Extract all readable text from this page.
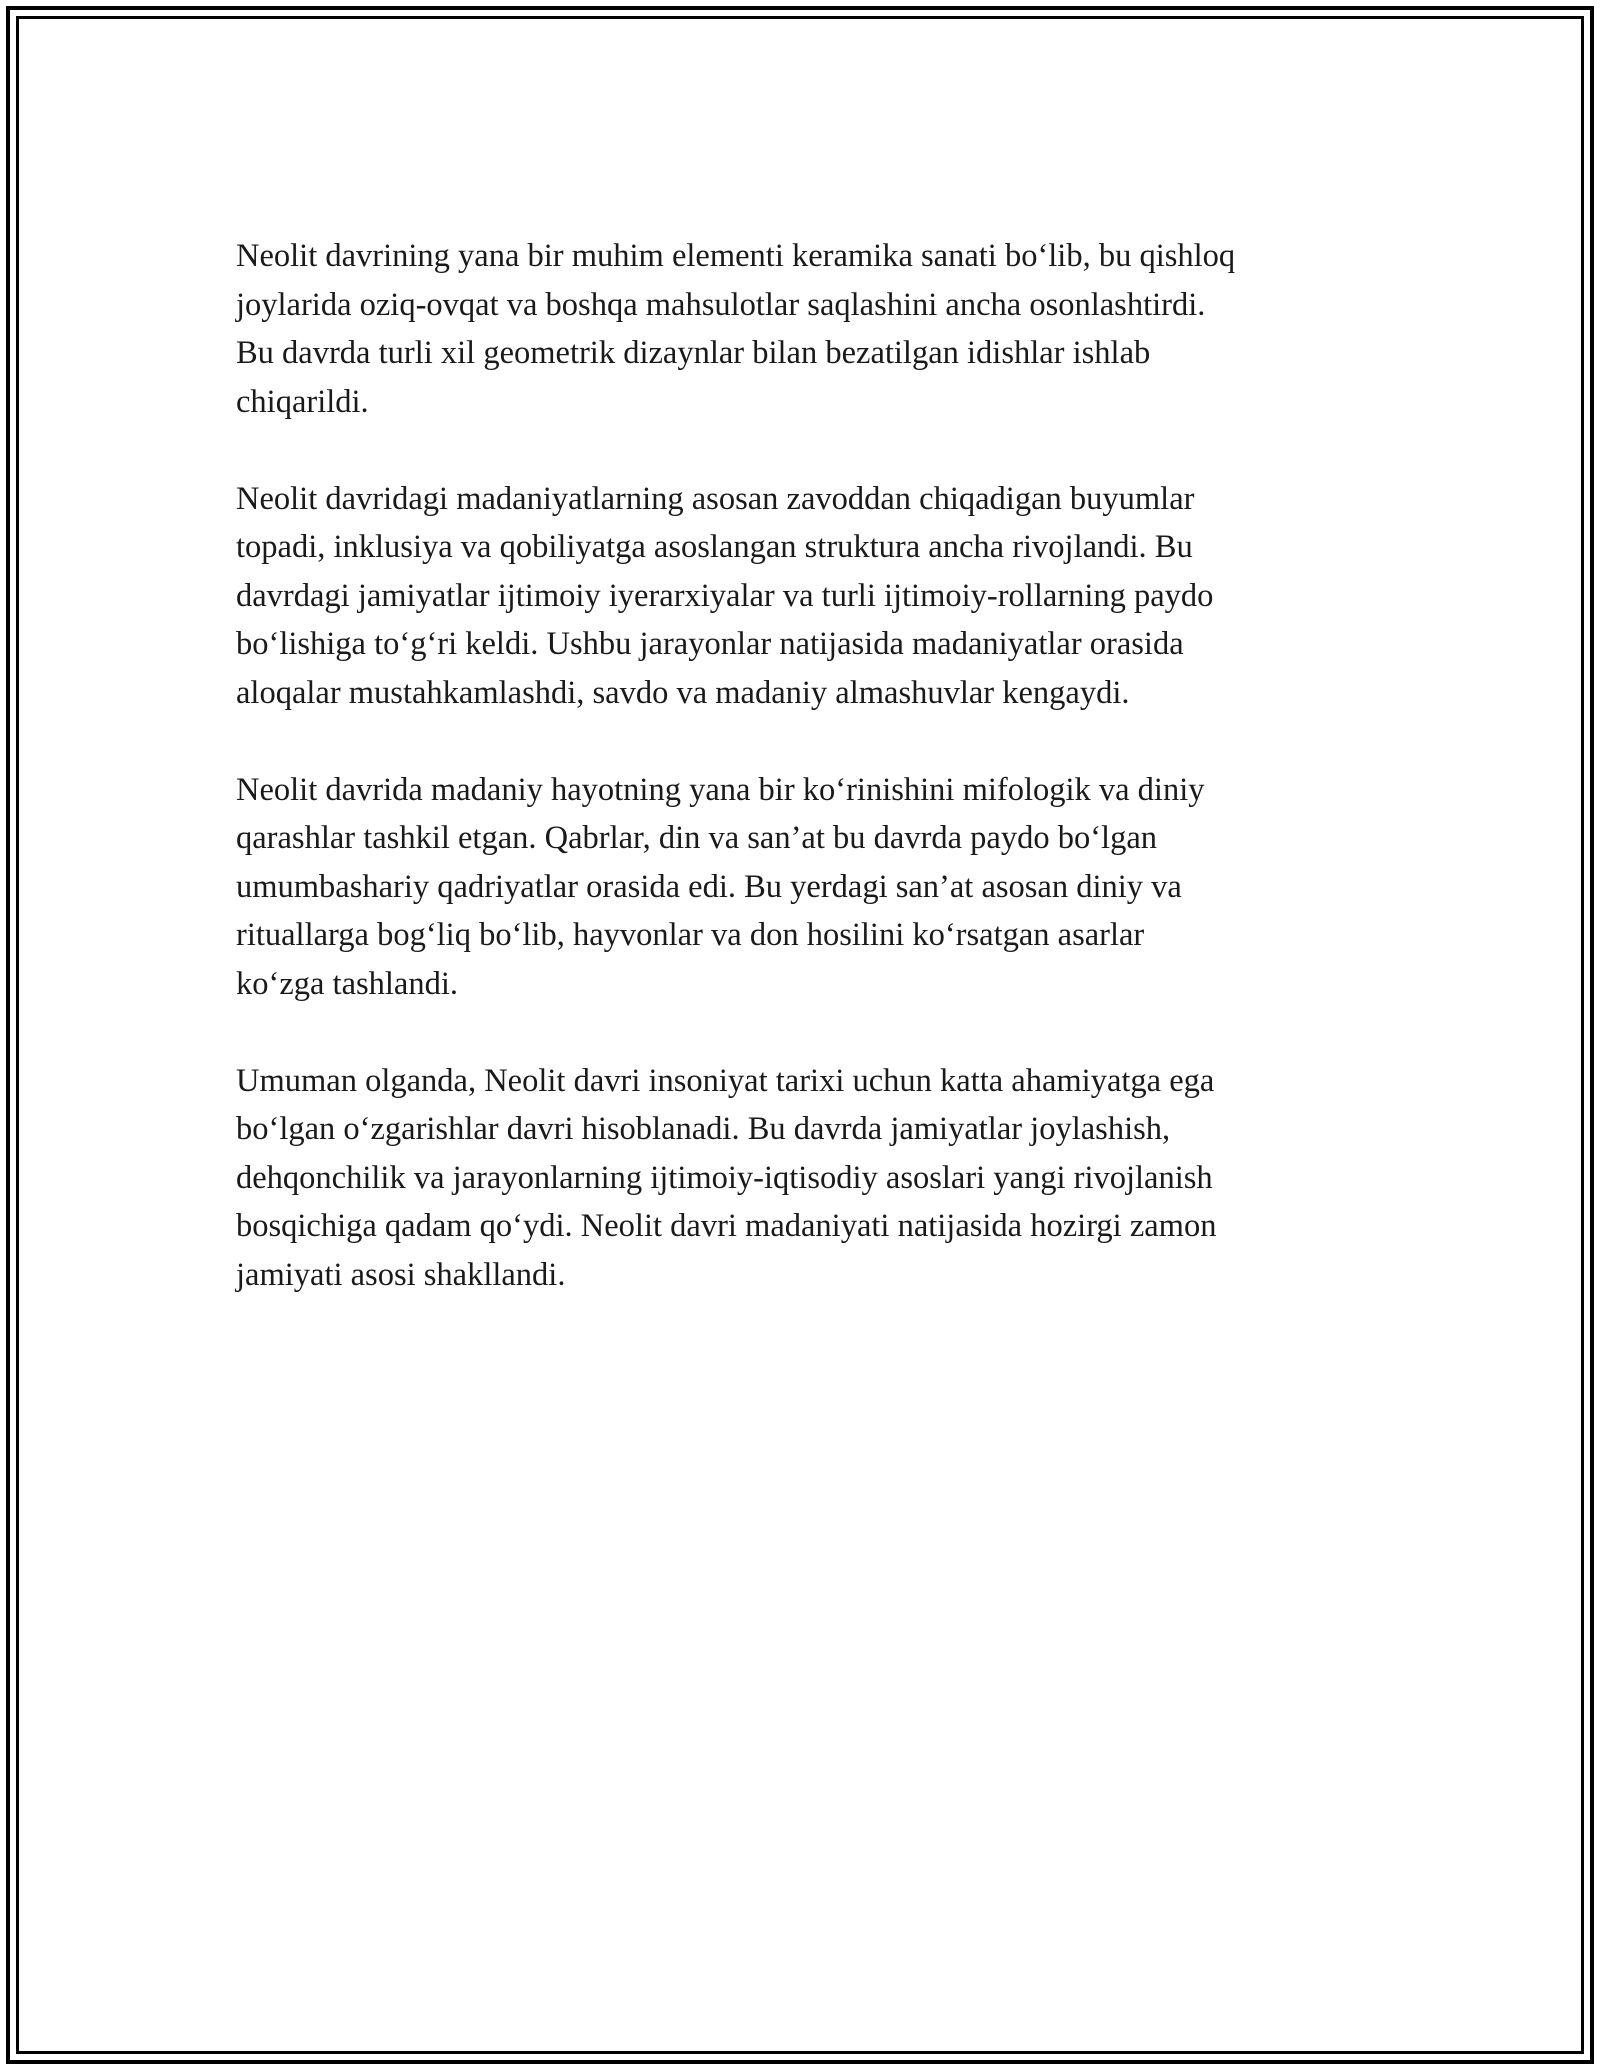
Neolit davrining yana bir muhim elementi keramika sanati bo‘lib, bu qishloq
joylarida oziq-ovqat va boshqa mahsulotlar saqlashini ancha osonlashtirdi.
Bu davrda turli xil geometrik dizaynlar bilan bezatilgan idishlar ishlab
chiqarildi.

Neolit davridagi madaniyatlarning asosan zavoddan chiqadigan buyumlar
topadi, inklusiya va qobiliyatga asoslangan struktura ancha rivojlandi. Bu
davrdagi jamiyatlar ijtimoiy iyerarxiyalar va turli ijtimoiy-rollarning paydo
bo‘lishiga to‘g‘ri keldi. Ushbu jarayonlar natijasida madaniyatlar orasida
aloqalar mustahkamlashdi, savdo va madaniy almashuvlar kengaydi.

Neolit davrida madaniy hayotning yana bir ko‘rinishini mifologik va diniy
qarashlar tashkil etgan. Qabrlar, din va san’at bu davrda paydo bo‘lgan
umumbashariy qadriyatlar orasida edi. Bu yerdagi san’at asosan diniy va
rituallarga bog‘liq bo‘lib, hayvonlar va don hosilini ko‘rsatgan asarlar
ko‘zga tashlandi.

Umuman olganda, Neolit davri insoniyat tarixi uchun katta ahamiyatga ega
bo‘lgan o‘zgarishlar davri hisoblanadi. Bu davrda jamiyatlar joylashish,
dehqonchilik va jarayonlarning ijtimoiy-iqtisodiy asoslari yangi rivojlanish
bosqichiga qadam qo‘ydi. Neolit davri madaniyati natijasida hozirgi zamon
jamiyati asosi shakllandi.
